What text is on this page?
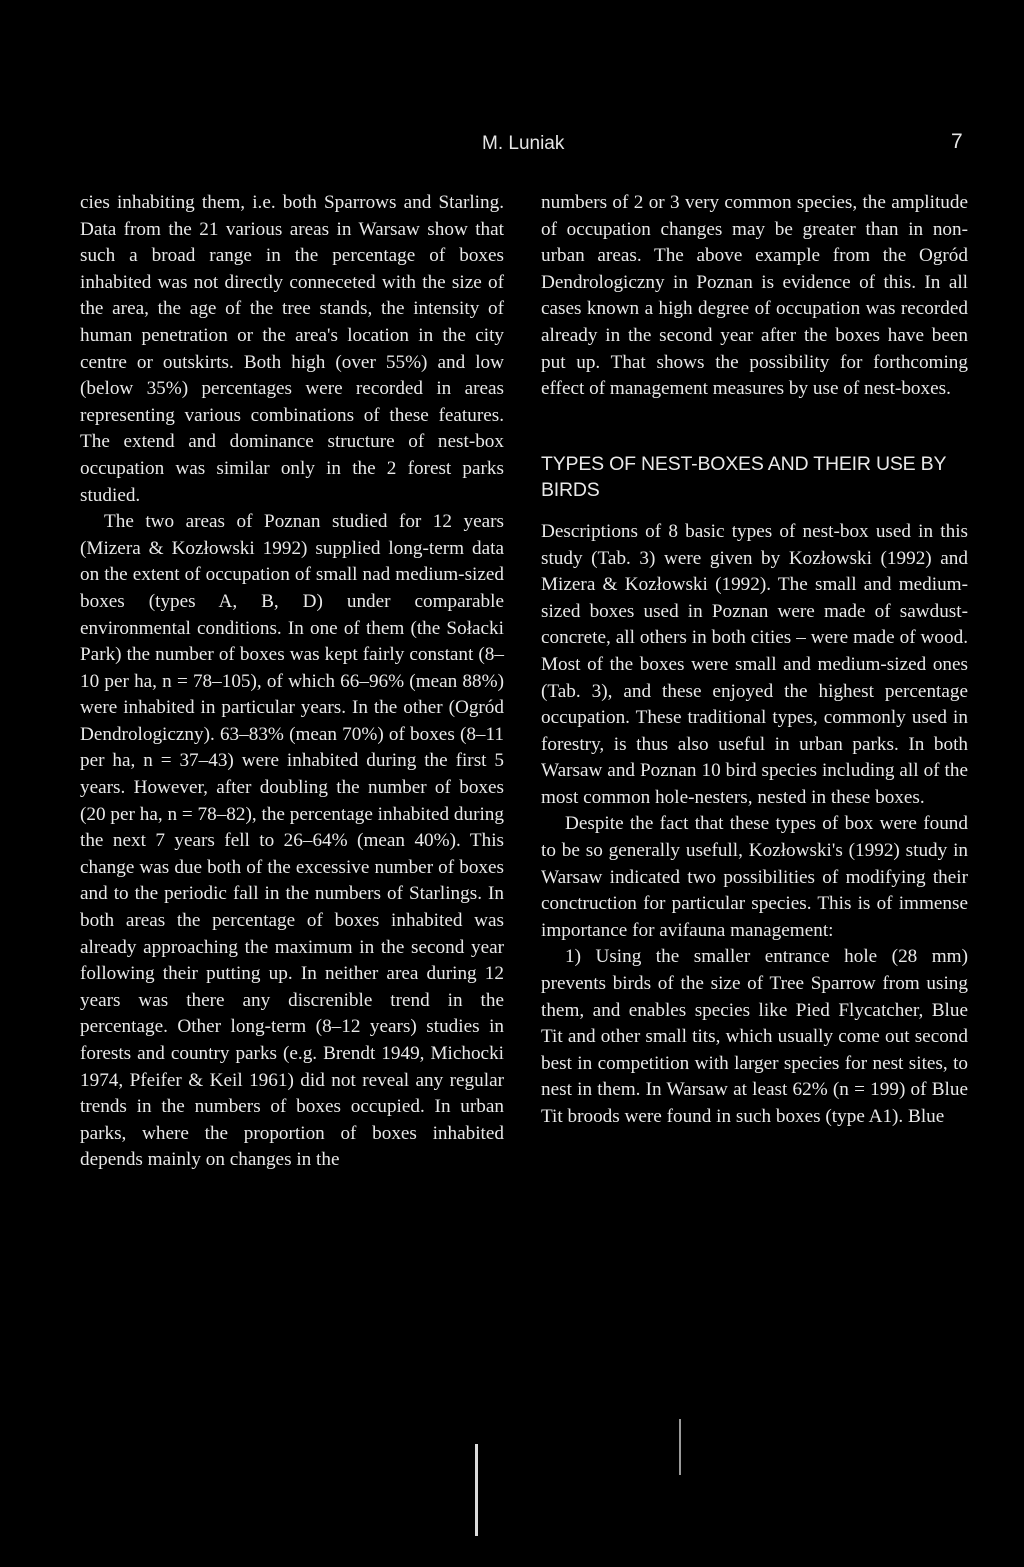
M. Luniak	7

cies inhabiting them, i.e. both Sparrows and Starling. Data from the 21 various areas in Warsaw show that such a broad range in the percentage of boxes inhabited was not directly conneceted with the size of the area, the age of the tree stands, the intensity of human penetration or the area's location in the city centre or outskirts. Both high (over 55%) and low (below 35%) percentages were recorded in areas representing various combinations of these features. The extend and dominance structure of nest-box occupation was similar only in the 2 forest parks studied.

The two areas of Poznan studied for 12 years (Mizera & Kozłowski 1992) supplied long-term data on the extent of occupation of small nad medium-sized boxes (types A, B, D) under comparable environmental conditions. In one of them (the Sołacki Park) the number of boxes was kept fairly constant (8–10 per ha, n = 78–105), of which 66–96% (mean 88%) were inhabited in particular years. In the other (Ogród Dendrologiczny). 63–83% (mean 70%) of boxes (8–11 per ha, n = 37–43) were inhabited during the first 5 years. However, after doubling the number of boxes (20 per ha, n = 78–82), the percentage inhabited during the next 7 years fell to 26–64% (mean 40%). This change was due both of the excessive number of boxes and to the periodic fall in the numbers of Starlings. In both areas the percentage of boxes inhabited was already approaching the maximum in the second year following their putting up. In neither area during 12 years was there any discrenible trend in the percentage. Other long-term (8–12 years) studies in forests and country parks (e.g. Brendt 1949, Michocki 1974, Pfeifer & Keil 1961) did not reveal any regular trends in the numbers of boxes occupied. In urban parks, where the proportion of boxes inhabited depends mainly on changes in the

numbers of 2 or 3 very common species, the amplitude of occupation changes may be greater than in non-urban areas. The above example from the Ogród Dendrologiczny in Poznan is evidence of this. In all cases known a high degree of occupation was recorded already in the second year after the boxes have been put up. That shows the possibility for forthcoming effect of management measures by use of nest-boxes.

TYPES OF NEST-BOXES AND THEIR USE BY BIRDS

Descriptions of 8 basic types of nest-box used in this study (Tab. 3) were given by Kozłowski (1992) and Mizera & Kozłowski (1992). The small and medium-sized boxes used in Poznan were made of sawdust-concrete, all others in both cities – were made of wood. Most of the boxes were small and medium-sized ones (Tab. 3), and these enjoyed the highest percentage occupation. These traditional types, commonly used in forestry, is thus also useful in urban parks. In both Warsaw and Poznan 10 bird species including all of the most common hole-nesters, nested in these boxes.

Despite the fact that these types of box were found to be so generally usefull, Kozłowski's (1992) study in Warsaw indicated two possibilities of modifying their conctruction for particular species. This is of immense importance for avifauna management:

1) Using the smaller entrance hole (28 mm) prevents birds of the size of Tree Sparrow from using them, and enables species like Pied Flycatcher, Blue Tit and other small tits, which usually come out second best in competition with larger species for nest sites, to nest in them. In Warsaw at least 62% (n = 199) of Blue Tit broods were found in such boxes (type A1). Blue
